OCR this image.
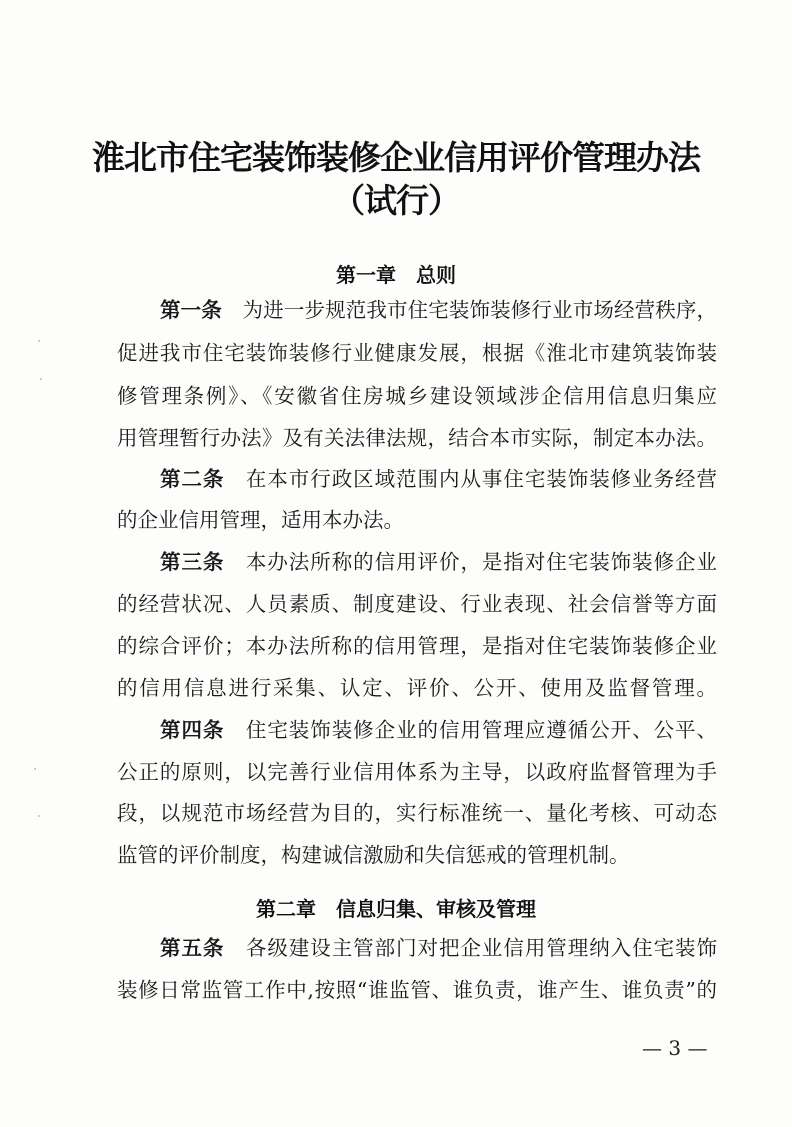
淮北市住宅装饰装修企业信用评价管理办法
（试行）
第一章　总则
第一条　 为进一步规范我市住宅装饰装修行业市场经营秩序，
促进我市住宅装饰装修行业健康发展，根据《淮北市建筑装饰装
修管理条例》、《安徽省住房城乡建设领域涉企信用信息归集应
用管理暂行办法》及有关法律法规，结合本市实际，制定本办法。
第二条　 在本市行政区域范围内从事住宅装饰装修业务经营
的企业信用管理，适用本办法。
第三条　 本办法所称的信用评价，是指对住宅装饰装修企业
的经营状况、人员素质、制度建设、行业表现、社会信誉等方面
的综合评价；本办法所称的信用管理，是指对住宅装饰装修企业
的信用信息进行采集、认定、评价、公开、使用及监督管理。
第四条　 住宅装饰装修企业的信用管理应遵循公开、公平、
公正的原则，以完善行业信用体系为主导，以政府监督管理为手
段，以规范市场经营为目的，实行标准统一、量化考核、可动态
监管的评价制度，构建诚信激励和失信惩戒的管理机制。
第二章　信息归集、审核及管理
第五条　 各级建设主管部门对把企业信用管理纳入住宅装饰
装修日常监管工作中,按照“谁监管、谁负责，谁产生、谁负责”的
— 3 —
